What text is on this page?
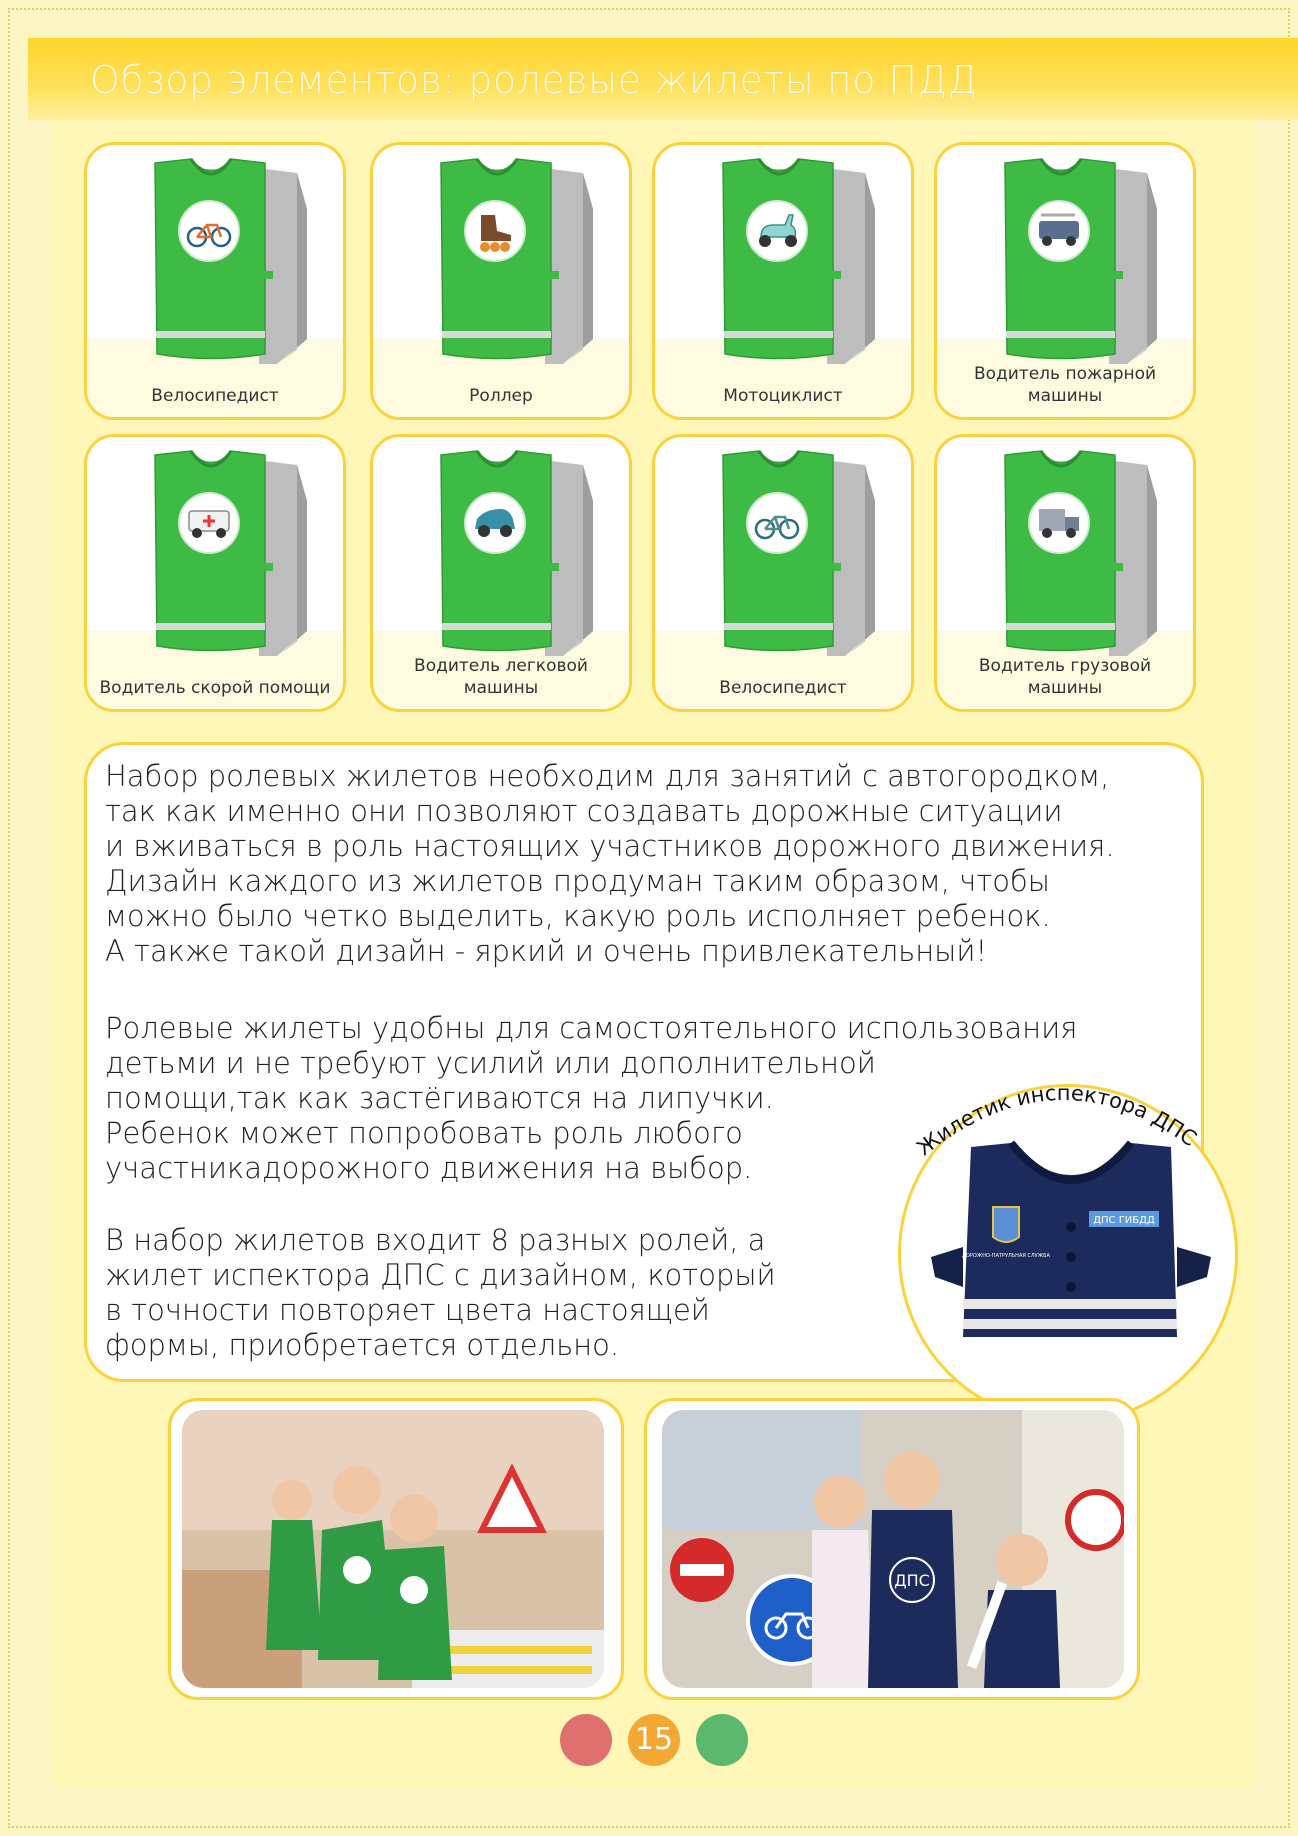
Обзор элементов: ролевые жилеты по ПДД
Велосипедист	Роллер	Мотоциклист
Водитель пожарной машины
Водитель скорой помощи
Водитель легковой машины	Велосипедист
Водитель грузовой машины

Набор ролевых жилетов необходим для занятий с автогородком,
так как именно они позволяют создавать дорожные ситуации
и вживаться в роль настоящих участников дорожного движения.
Дизайн каждого из жилетов продуман таким образом, чтобы
можно было четко выделить, какую роль исполняет ребенок.
А также такой дизайн - яркий и очень привлекательный!

Ролевые жилеты удобны для самостоятельного использования
детьми и не требуют усилий или дополнительной
помощи,так как застёгиваются на липучки.
Ребенок может попробовать роль любого
участникадорожного движения на выбор.

В набор жилетов входит 8 разных ролей, а
жилет испектора ДПС с дизайном, который
в точности повторяет цвета настоящей
формы, приобретается отдельно.

ДПС ГИБДД
ДОРОЖНО-ПАТРУЛЬНАЯ СЛУЖБА
Жилетик инспектора ДПС
ДПС
15
